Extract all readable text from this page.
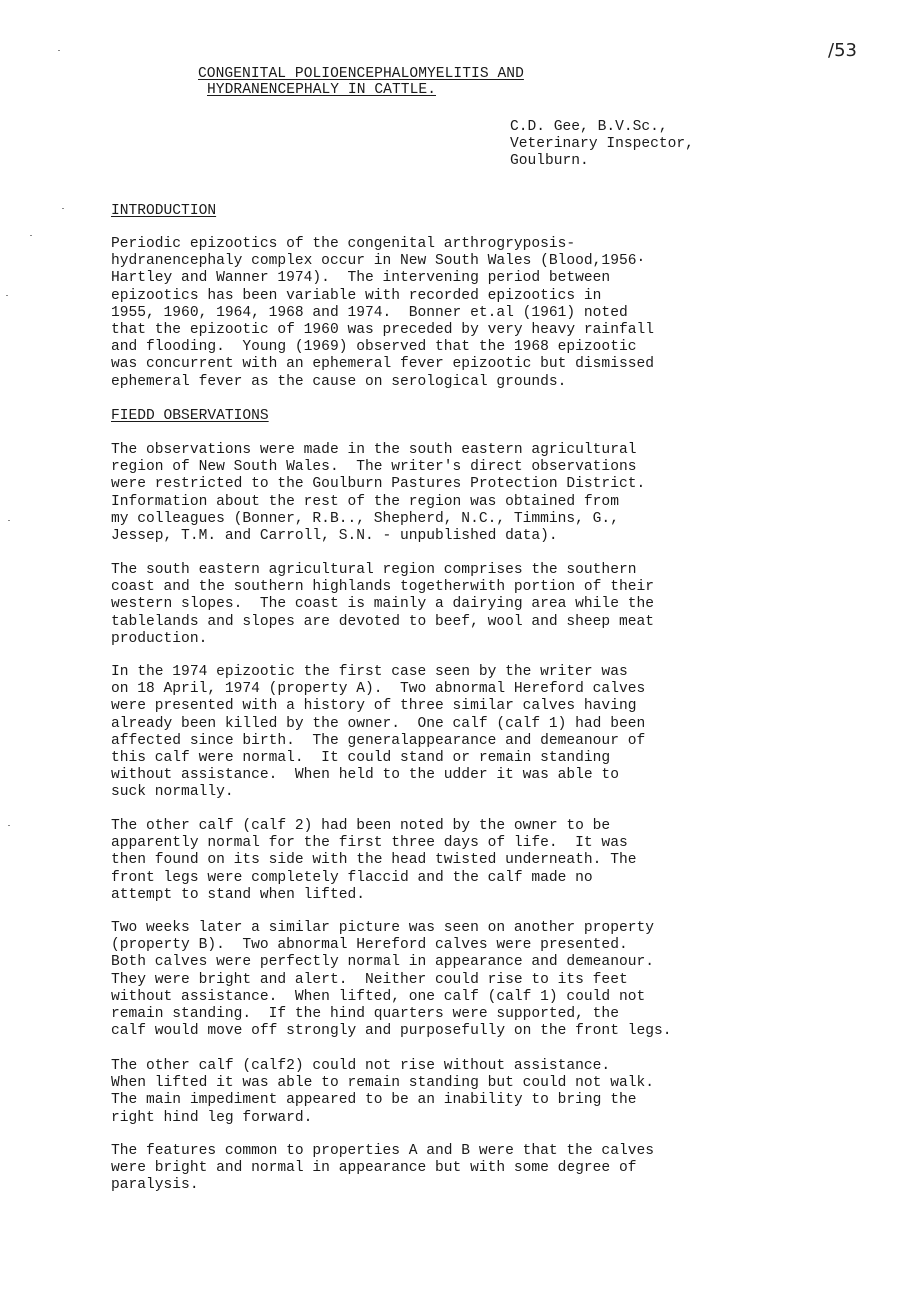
/53
CONGENITAL POLIOENCEPHALOMYELITIS AND
HYDRANENCEPHALY IN CATTLE.
C.D. Gee, B.V.Sc.,
Veterinary Inspector,
Goulburn.
INTRODUCTION
Periodic epizootics of the congenital arthrogryposis-
hydranencephaly complex occur in New South Wales (Blood,1956·
Hartley and Wanner 1974).  The intervening period between
epizootics has been variable with recorded epizootics in
1955, 1960, 1964, 1968 and 1974.  Bonner et.al (1961) noted
that the epizootic of 1960 was preceded by very heavy rainfall
and flooding.  Young (1969) observed that the 1968 epizootic
was concurrent with an ephemeral fever epizootic but dismissed
ephemeral fever as the cause on serological grounds.
FIEDD OBSERVATIONS
The observations were made in the south eastern agricultural
region of New South Wales.  The writer's direct observations
were restricted to the Goulburn Pastures Protection District.
Information about the rest of the region was obtained from
my colleagues (Bonner, R.B.., Shepherd, N.C., Timmins, G.,
Jessep, T.M. and Carroll, S.N. - unpublished data).
The south eastern agricultural region comprises the southern
coast and the southern highlands togetherwith portion of their
western slopes.  The coast is mainly a dairying area while the
tablelands and slopes are devoted to beef, wool and sheep meat
production.
In the 1974 epizootic the first case seen by the writer was
on 18 April, 1974 (property A).  Two abnormal Hereford calves
were presented with a history of three similar calves having
already been killed by the owner.  One calf (calf 1) had been
affected since birth.  The generalappearance and demeanour of
this calf were normal.  It could stand or remain standing
without assistance.  When held to the udder it was able to
suck normally.
The other calf (calf 2) had been noted by the owner to be
apparently normal for the first three days of life.  It was
then found on its side with the head twisted underneath. The
front legs were completely flaccid and the calf made no
attempt to stand when lifted.
Two weeks later a similar picture was seen on another property
(property B).  Two abnormal Hereford calves were presented.
Both calves were perfectly normal in appearance and demeanour.
They were bright and alert.  Neither could rise to its feet
without assistance.  When lifted, one calf (calf 1) could not
remain standing.  If the hind quarters were supported, the
calf would move off strongly and purposefully on the front legs.
The other calf (calf2) could not rise without assistance.
When lifted it was able to remain standing but could not walk.
The main impediment appeared to be an inability to bring the
right hind leg forward.
The features common to properties A and B were that the calves
were bright and normal in appearance but with some degree of
paralysis.
